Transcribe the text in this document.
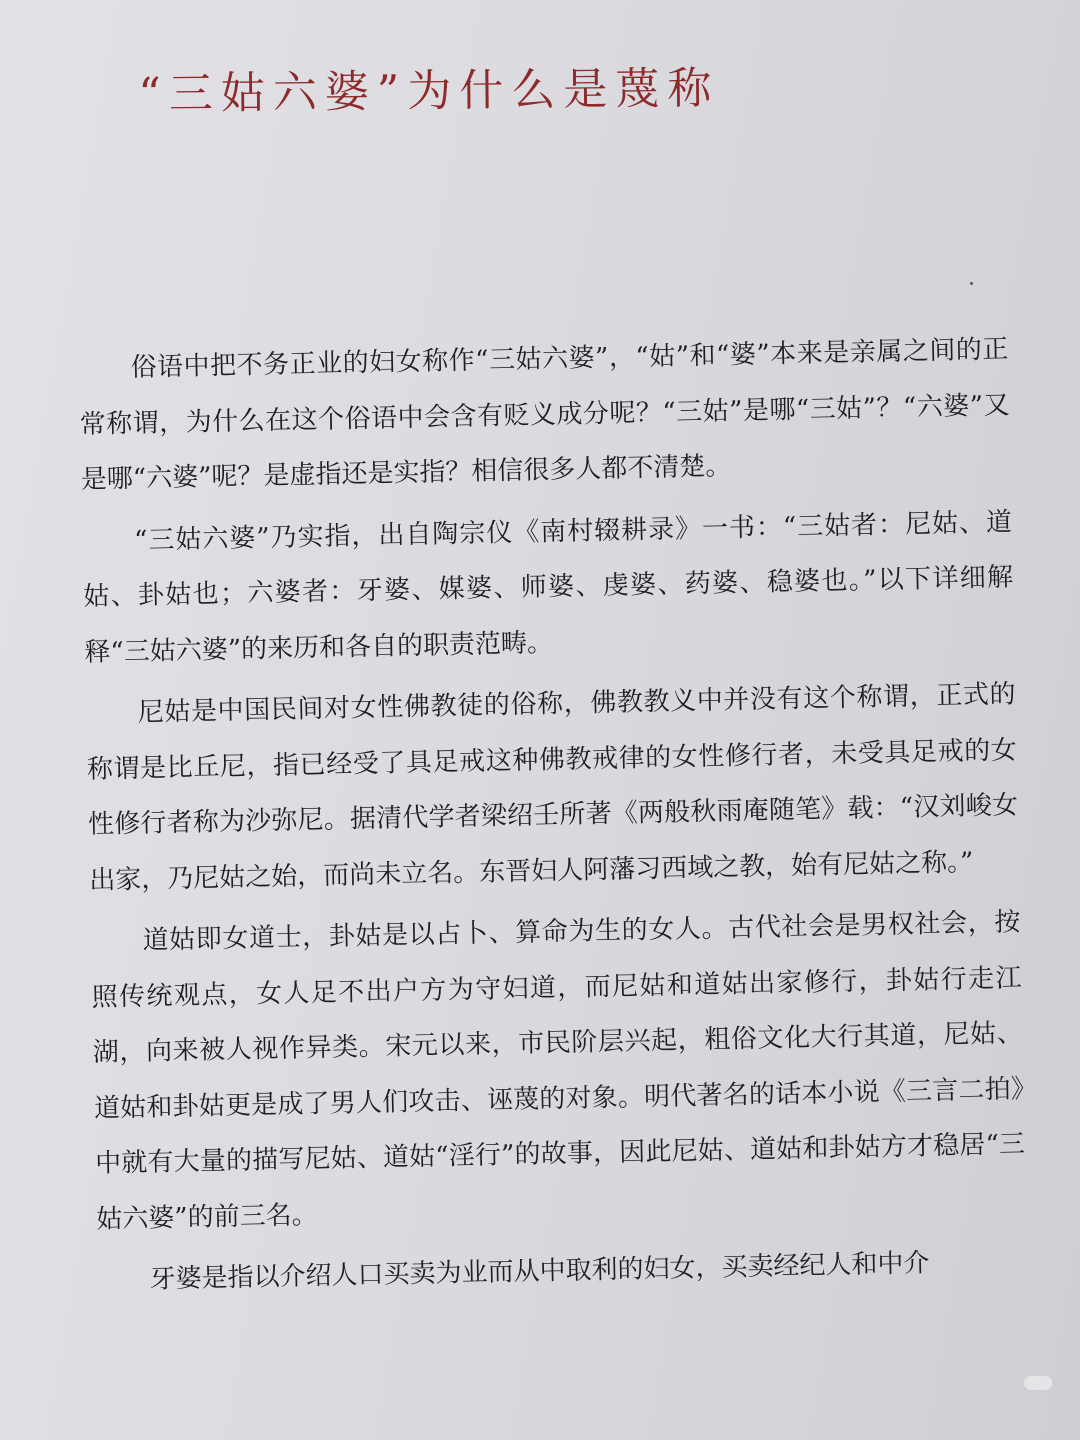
“三姑六婆”为什么是蔑称

俗语中把不务正业的妇女称作“三姑六婆”，“姑”和“婆”本来是亲属之间的正常称谓，为什么在这个俗语中会含有贬义成分呢？“三姑”是哪“三姑”？“六婆”又是哪“六婆”呢？是虚指还是实指？相信很多人都不清楚。

“三姑六婆”乃实指，出自陶宗仪《南村辍耕录》一书：“三姑者：尼姑、道姑、卦姑也；六婆者：牙婆、媒婆、师婆、虔婆、药婆、稳婆也。”以下详细解释“三姑六婆”的来历和各自的职责范畴。

尼姑是中国民间对女性佛教徒的俗称，佛教教义中并没有这个称谓，正式的称谓是比丘尼，指已经受了具足戒这种佛教戒律的女性修行者，未受具足戒的女性修行者称为沙弥尼。据清代学者梁绍壬所著《两般秋雨庵随笔》载：“汉刘峻女出家，乃尼姑之始，而尚未立名。东晋妇人阿藩习西域之教，始有尼姑之称。”

道姑即女道士，卦姑是以占卜、算命为生的女人。古代社会是男权社会，按照传统观点，女人足不出户方为守妇道，而尼姑和道姑出家修行，卦姑行走江湖，向来被人视作异类。宋元以来，市民阶层兴起，粗俗文化大行其道，尼姑、道姑和卦姑更是成了男人们攻击、诬蔑的对象。明代著名的话本小说《三言二拍》中就有大量的描写尼姑、道姑“淫行”的故事，因此尼姑、道姑和卦姑方才稳居“三姑六婆”的前三名。

牙婆是指以介绍人口买卖为业而从中取利的妇女，买卖经纪人和中介
